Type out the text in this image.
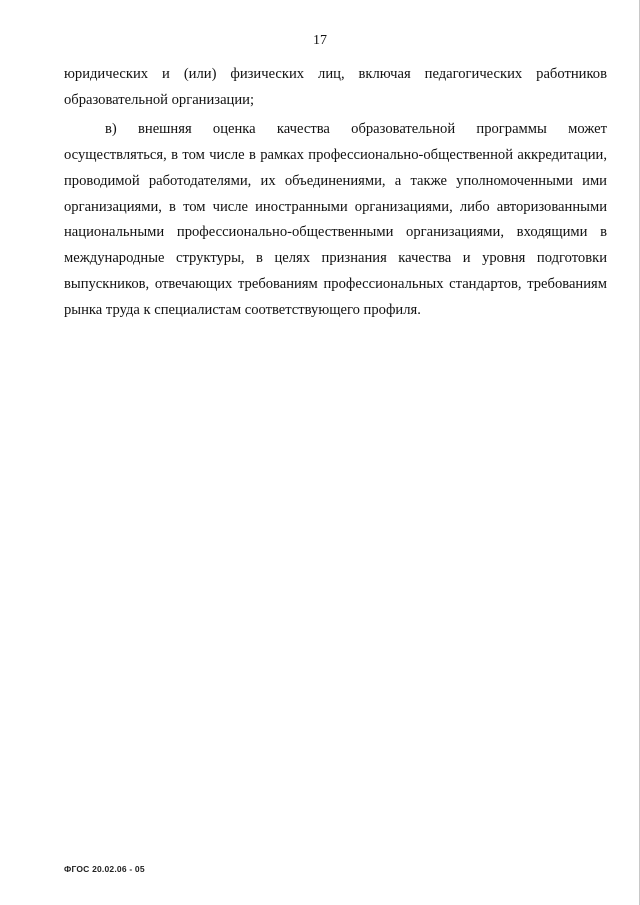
17

юридических и (или) физических лиц, включая педагогических работников образовательной организации;

в) внешняя оценка качества образовательной программы может осуществляться, в том числе в рамках профессионально-общественной аккредитации, проводимой работодателями, их объединениями, а также уполномоченными ими организациями, в том числе иностранными организациями, либо авторизованными национальными профессионально-общественными организациями, входящими в международные структуры, в целях признания качества и уровня подготовки выпускников, отвечающих требованиям профессиональных стандартов, требованиям рынка труда к специалистам соответствующего профиля.

ФГОС 20.02.06 - 05
